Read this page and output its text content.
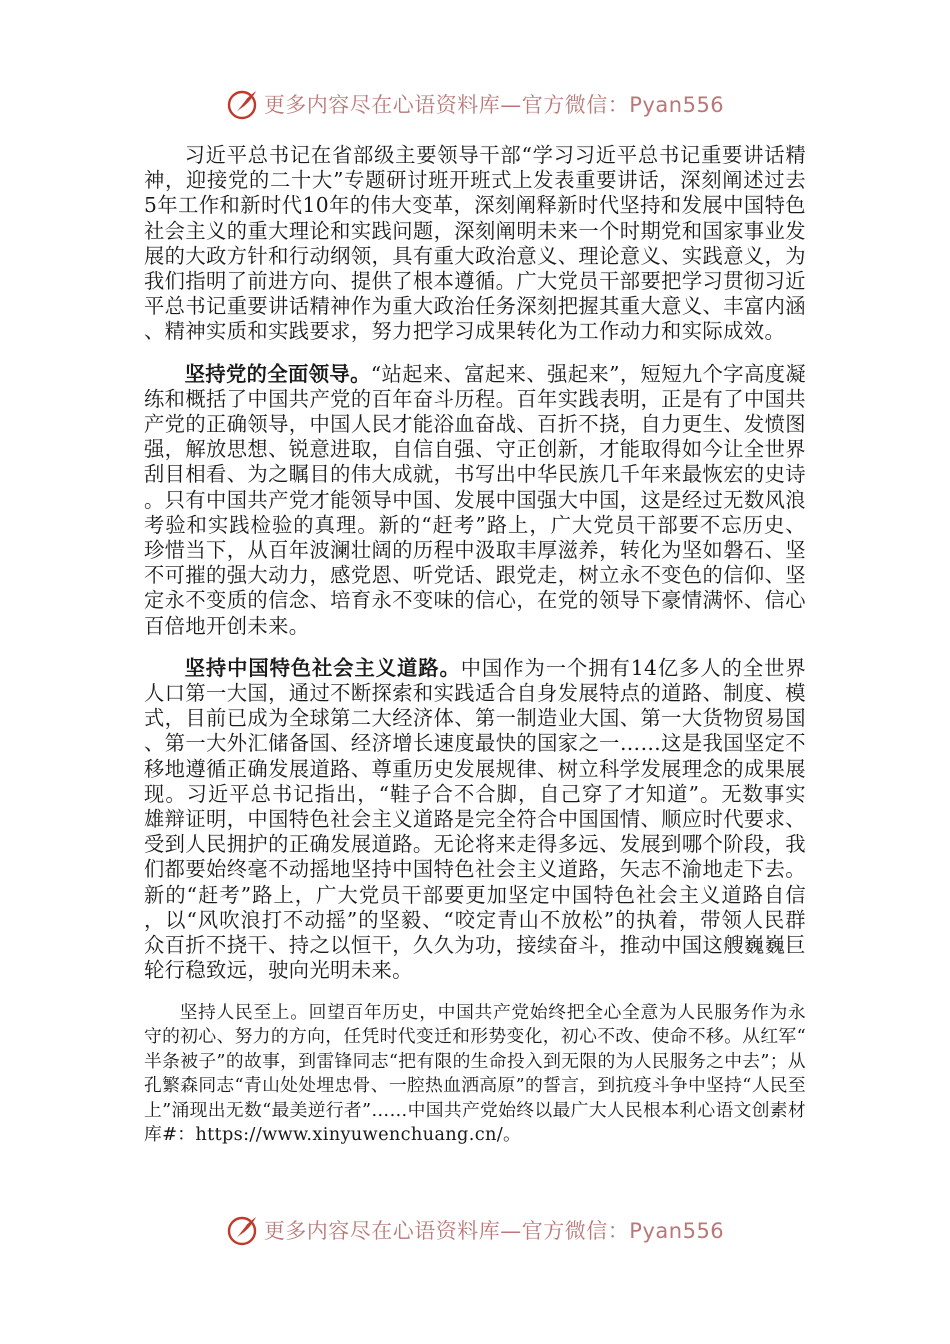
更多内容尽在心语资料库—官方微信：Pyan556

习近平总书记在省部级主要领导干部“学习习近平总书记重要讲话精神，迎接党的二十大”专题研讨班开班式上发表重要讲话，深刻阐述过去5年工作和新时代10年的伟大变革，深刻阐释新时代坚持和发展中国特色社会主义的重大理论和实践问题，深刻阐明未来一个时期党和国家事业发展的大政方针和行动纲领，具有重大政治意义、理论意义、实践意义，为我们指明了前进方向、提供了根本遵循。广大党员干部要把学习贯彻习近平总书记重要讲话精神作为重大政治任务深刻把握其重大意义、丰富内涵、精神实质和实践要求，努力把学习成果转化为工作动力和实际成效。

坚持党的全面领导。“站起来、富起来、强起来”，短短九个字高度凝练和概括了中国共产党的百年奋斗历程。百年实践表明，正是有了中国共产党的正确领导，中国人民才能浴血奋战、百折不挠，自力更生、发愤图强，解放思想、锐意进取，自信自强、守正创新，才能取得如今让全世界刮目相看、为之瞩目的伟大成就，书写出中华民族几千年来最恢宏的史诗。只有中国共产党才能领导中国、发展中国强大中国，这是经过无数风浪考验和实践检验的真理。新的“赶考”路上，广大党员干部要不忘历史、珍惜当下，从百年波澜壮阔的历程中汲取丰厚滋养，转化为坚如磐石、坚不可摧的强大动力，感党恩、听党话、跟党走，树立永不变色的信仰、坚定永不变质的信念、培育永不变味的信心，在党的领导下豪情满怀、信心百倍地开创未来。

坚持中国特色社会主义道路。中国作为一个拥有14亿多人的全世界人口第一大国，通过不断探索和实践适合自身发展特点的道路、制度、模式，目前已成为全球第二大经济体、第一制造业大国、第一大货物贸易国、第一大外汇储备国、经济增长速度最快的国家之一……这是我国坚定不移地遵循正确发展道路、尊重历史发展规律、树立科学发展理念的成果展现。习近平总书记指出，“鞋子合不合脚，自己穿了才知道”。无数事实雄辩证明，中国特色社会主义道路是完全符合中国国情、顺应时代要求、受到人民拥护的正确发展道路。无论将来走得多远、发展到哪个阶段，我们都要始终毫不动摇地坚持中国特色社会主义道路，矢志不渝地走下去。新的“赶考”路上，广大党员干部要更加坚定中国特色社会主义道路自信，以“风吹浪打不动摇”的坚毅、“咬定青山不放松”的执着，带领人民群众百折不挠干、持之以恒干，久久为功，接续奋斗，推动中国这艘巍巍巨轮行稳致远，驶向光明未来。

坚持人民至上。回望百年历史，中国共产党始终把全心全意为人民服务作为永守的初心、努力的方向，任凭时代变迁和形势变化，初心不改、使命不移。从红军“半条被子”的故事，到雷锋同志“把有限的生命投入到无限的为人民服务之中去”；从孔繁森同志“青山处处埋忠骨、一腔热血洒高原”的誓言，到抗疫斗争中坚持“人民至上”涌现出无数“最美逆行者”……中国共产党始终以最广大人民根本利心语文创素材库#：https://www.xinyuwenchuang.cn/。

更多内容尽在心语资料库—官方微信：Pyan556
